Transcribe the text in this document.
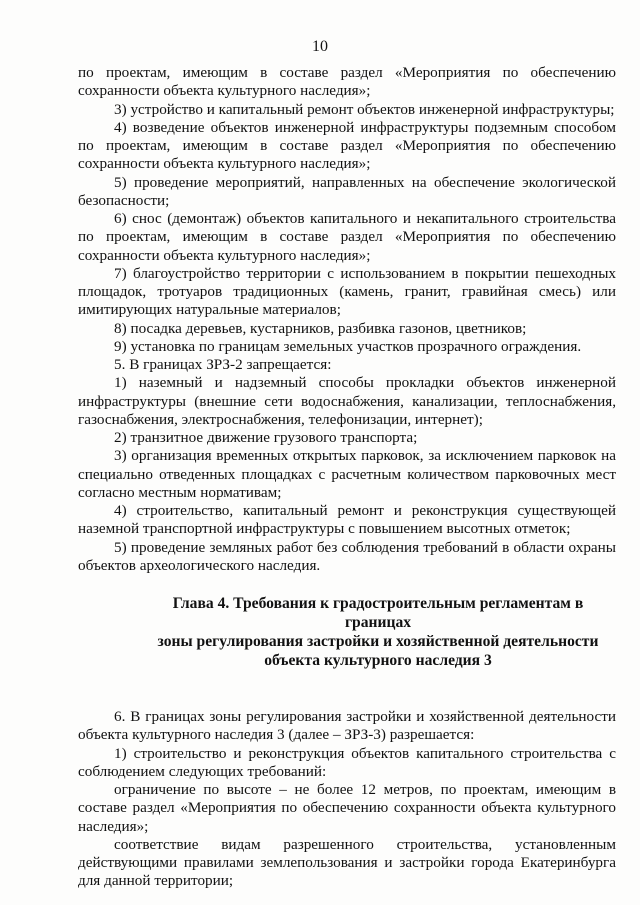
10

по проектам, имеющим в составе раздел «Мероприятия по обеспечению сохранности объекта культурного наследия»;

3) устройство и капитальный ремонт объектов инженерной инфраструктуры;

4) возведение объектов инженерной инфраструктуры подземным способом по проектам, имеющим в составе раздел «Мероприятия по обеспечению сохранности объекта культурного наследия»;

5) проведение мероприятий, направленных на обеспечение экологической безопасности;

6) снос (демонтаж) объектов капитального и некапитального строительства по проектам, имеющим в составе раздел «Мероприятия по обеспечению сохранности объекта культурного наследия»;

7) благоустройство территории с использованием в покрытии пешеходных площадок, тротуаров традиционных (камень, гранит, гравийная смесь) или имитирующих натуральные материалов;

8) посадка деревьев, кустарников, разбивка газонов, цветников;

9) установка по границам земельных участков прозрачного ограждения.

5. В границах ЗРЗ-2 запрещается:

1) наземный и надземный способы прокладки объектов инженерной инфраструктуры (внешние сети водоснабжения, канализации, теплоснабжения, газоснабжения, электроснабжения, телефонизации, интернет);

2) транзитное движение грузового транспорта;

3) организация временных открытых парковок, за исключением парковок на специально отведенных площадках с расчетным количеством парковочных мест согласно местным нормативам;

4) строительство, капитальный ремонт и реконструкция существующей наземной транспортной инфраструктуры с повышением высотных отметок;

5) проведение земляных работ без соблюдения требований в области охраны объектов археологического наследия.

Глава 4. Требования к градостроительным регламентам в границах
зоны регулирования застройки и хозяйственной деятельности
объекта культурного наследия 3

6. В границах зоны регулирования застройки и хозяйственной деятельности объекта культурного наследия 3 (далее – ЗРЗ-3) разрешается:

1) строительство и реконструкция объектов капитального строительства с соблюдением следующих требований:

ограничение по высоте – не более 12 метров, по проектам, имеющим в составе раздел «Мероприятия по обеспечению сохранности объекта культурного наследия»;

соответствие видам разрешенного строительства, установленным действующими правилами землепользования и застройки города Екатеринбурга для данной территории;
